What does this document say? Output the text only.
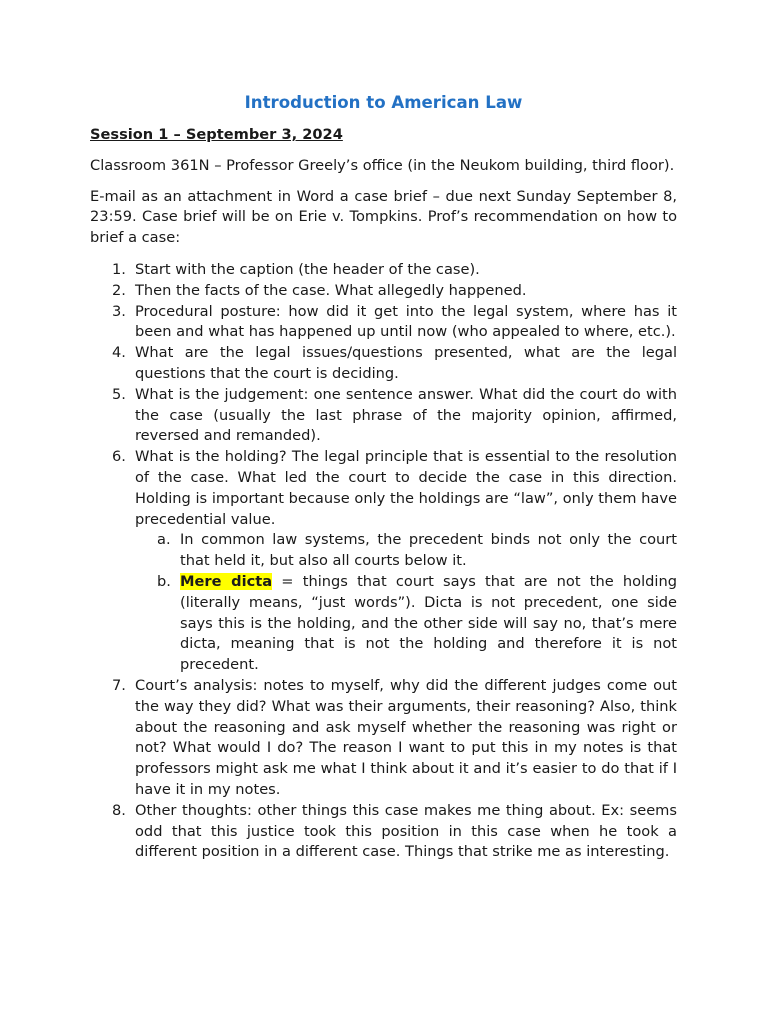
Introduction to American Law
Session 1 – September 3, 2024

Classroom 361N – Professor Greely’s office (in the Neukom building, third floor).

E-mail as an attachment in Word a case brief – due next Sunday September 8, 23:59. Case brief will be on Erie v. Tompkins. Prof’s recommendation on how to brief a case:

1. Start with the caption (the header of the case).
2. Then the facts of the case. What allegedly happened.
3. Procedural posture: how did it get into the legal system, where has it been and what has happened up until now (who appealed to where, etc.).
4. What are the legal issues/questions presented, what are the legal questions that the court is deciding.
5. What is the judgement: one sentence answer. What did the court do with the case (usually the last phrase of the majority opinion, affirmed, reversed and remanded).
6. What is the holding? The legal principle that is essential to the resolution of the case. What led the court to decide the case in this direction. Holding is important because only the holdings are “law”, only them have precedential value.
a. In common law systems, the precedent binds not only the court that held it, but also all courts below it.
b. Mere dicta = things that court says that are not the holding (literally means, “just words”). Dicta is not precedent, one side says this is the holding, and the other side will say no, that’s mere dicta, meaning that is not the holding and therefore it is not precedent.
7. Court’s analysis: notes to myself, why did the different judges come out the way they did? What was their arguments, their reasoning? Also, think about the reasoning and ask myself whether the reasoning was right or not? What would I do? The reason I want to put this in my notes is that professors might ask me what I think about it and it’s easier to do that if I have it in my notes.
8. Other thoughts: other things this case makes me thing about. Ex: seems odd that this justice took this position in this case when he took a different position in a different case. Things that strike me as interesting.
